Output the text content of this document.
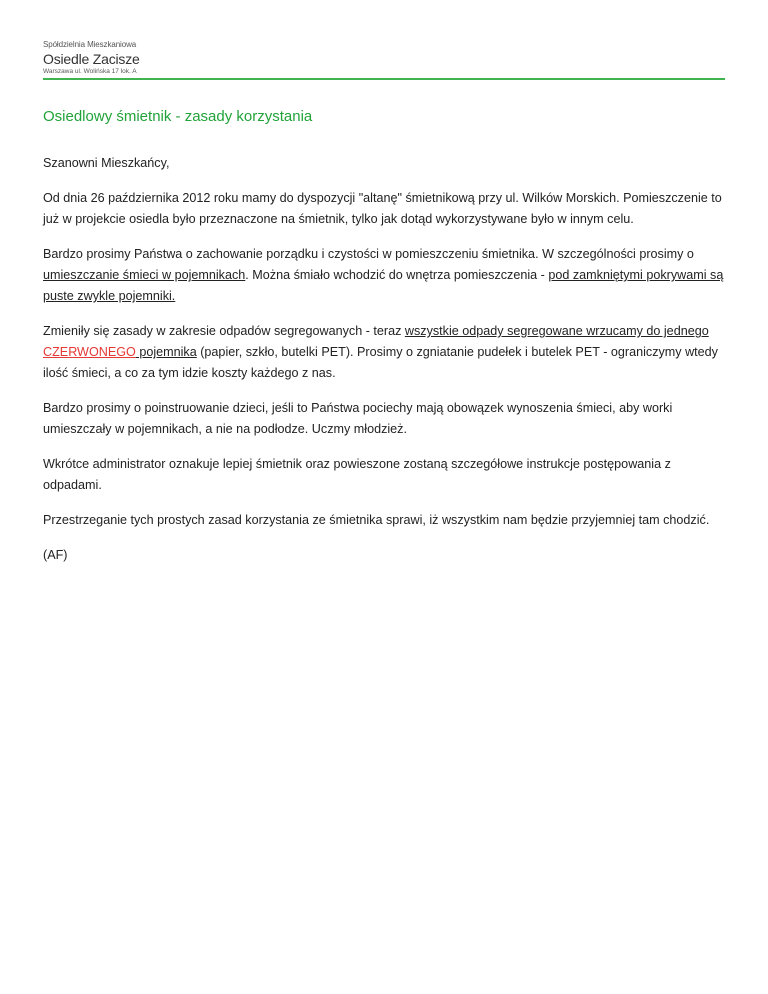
Spółdzielnia Mieszkaniowa
Osiedle Zacisze
Warszawa ul. Wolińska 17 lok. A
Osiedlowy śmietnik - zasady korzystania

Szanowni Mieszkańcy,

Od dnia 26 października 2012 roku mamy do dyspozycji "altanę" śmietnikową przy ul. Wilków Morskich. Pomieszczenie to już w projekcie osiedla było przeznaczone na śmietnik, tylko jak dotąd wykorzystywane było w innym celu.

Bardzo prosimy Państwa o zachowanie porządku i czystości w pomieszczeniu śmietnika. W szczególności prosimy o umieszczanie śmieci w pojemnikach. Można śmiało wchodzić do wnętrza pomieszczenia - pod zamkniętymi pokrywami są puste zwykle pojemniki.

Zmieniły się zasady w zakresie odpadów segregowanych - teraz wszystkie odpady segregowane wrzucamy do jednego CZERWONEGO pojemnika (papier, szkło, butelki PET). Prosimy o zgniatanie pudełek i butelek PET - ograniczymy wtedy ilość śmieci, a co za tym idzie koszty każdego z nas.

Bardzo prosimy o poinstruowanie dzieci, jeśli to Państwa pociechy mają obowązek wynoszenia śmieci, aby worki umieszczały w pojemnikach, a nie na podłodze. Uczmy młodzież.

Wkrótce administrator oznakuje lepiej śmietnik oraz powieszone zostaną szczegółowe instrukcje postępowania z odpadami.

Przestrzeganie tych prostych zasad korzystania ze śmietnika sprawi, iż wszystkim nam będzie przyjemniej tam chodzić.

(AF)
